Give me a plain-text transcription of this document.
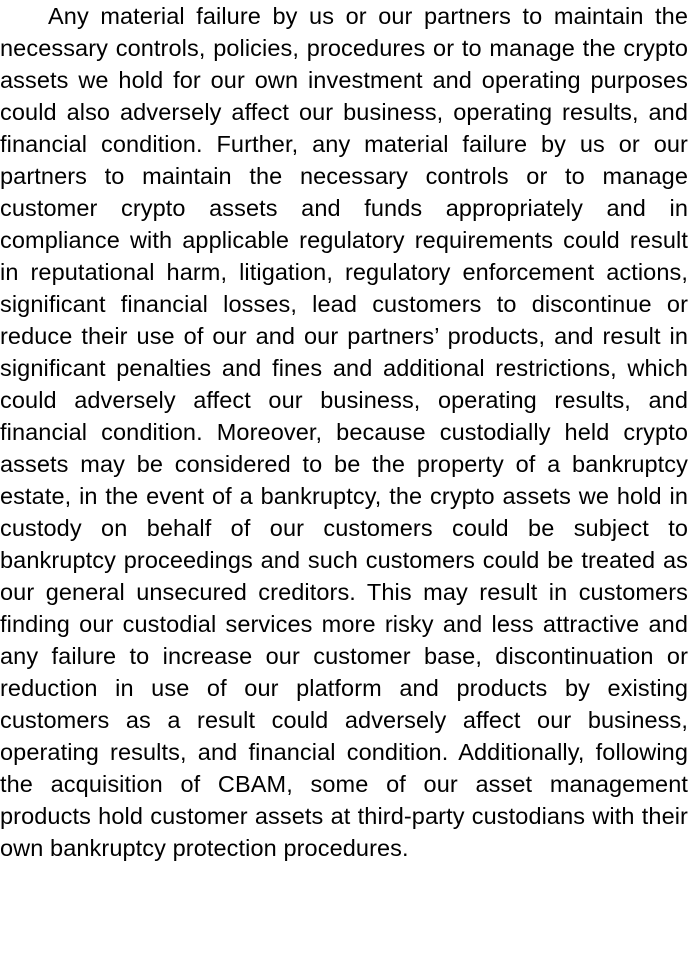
Any material failure by us or our partners to maintain the necessary controls, policies, procedures or to manage the crypto assets we hold for our own investment and operating purposes could also adversely affect our business, operating results, and financial condition. Further, any material failure by us or our partners to maintain the necessary controls or to manage customer crypto assets and funds appropriately and in compliance with applicable regulatory requirements could result in reputational harm, litigation, regulatory enforcement actions, significant financial losses, lead customers to discontinue or reduce their use of our and our partners’ products, and result in significant penalties and fines and additional restrictions, which could adversely affect our business, operating results, and financial condition. Moreover, because custodially held crypto assets may be considered to be the property of a bankruptcy estate, in the event of a bankruptcy, the crypto assets we hold in custody on behalf of our customers could be subject to bankruptcy proceedings and such customers could be treated as our general unsecured creditors. This may result in customers finding our custodial services more risky and less attractive and any failure to increase our customer base, discontinuation or reduction in use of our platform and products by existing customers as a result could adversely affect our business, operating results, and financial condition. Additionally, following the acquisition of CBAM, some of our asset management products hold customer assets at third-party custodians with their own bankruptcy protection procedures.
